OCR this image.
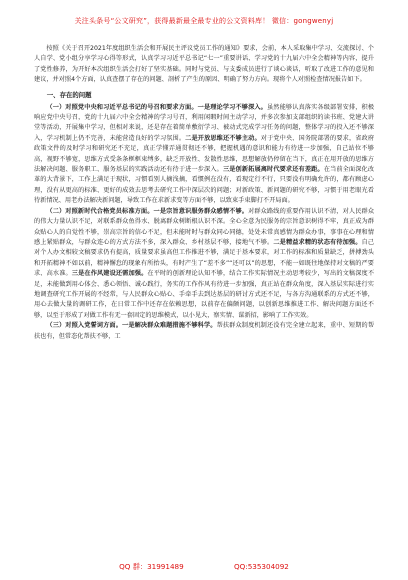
关注头条号“公文研究”，获得最新最全最专业的公文资料库！ 微信：gongwenyj

按照《关于召开2021年度组织生活会和开展民主评议党员工作的通知》要求，会前，本人采取集中学习、交流探讨、个人自学、党小组分享学习心得等形式，认真学习习近平总书记“七一”重要讲话、学习党的十九届六中全会精神等内容，提升了党性修养，为开好本次组织生活会打好了坚实基础。同时与党员、与支委成员进行了谈心谈话，听取了改进工作的意见和建议，并对照4个方面，认真查摆了存在的问题、剖析了产生的原因、明确了努力方向。现将个人对照检查情况报告如下。

一、存在的问题

（一）对照党中央和习近平总书记的号召和要求方面。一是理论学习不够深入。虽然能够认真落实各级部署安排，积极响应党中央号召，党的十九届六中全会精神的学习号召，利用闲暇时间主动学习，并多次参加支部组织的读书班、党建大讲堂等活动，开展集中学习，但相对来说，还是存在着简单敷衍学习、被动式完成学习任务的问题，整体学习的投入还不够深入，学习机制上仍不完善，未能营造良好的学习氛围。二是开放思维还不够主动。对于党中央、国务院部署的要求，省政府政策文件的及时学习和研究还不充足，真正学懂弄通贯彻还不够，把握机遇的意识和能力有待进一步加强，自己站位不够高，视野不够宽，思维方式受条条框框束缚多，缺乏开放性、发散性思维，思想解放仍停留在当下，真正在用开放的思维方法解决问题、服务职工、服务基层的实践活动还有待于进一步深入。三是创新拓展离时代要求还有差距。在当前全面深化改革的大背景下，工作上满足于现状，习惯看别人摘浅摘，看惯例在没有，看现定行不行，只要没有明确允许的，都有顾虑心理，没有从更高的标准、更好的成效去思考去研究工作中深层次的问题；对新政策、新问题的研究不够，习惯于用老眼光看待新情况、用老办法解决新问题，导致工作在求新求变等方面不够，以致束手束脚打不开局面。

（二）对照新时代合格党员标准方面。一是宗旨意识服务群众感情不够。对群众路线的重要作用认识不清，对人民群众的伟大力量认识不足，对联系群众鱼得水、脱离群众树断根认识不深。全心全意为民服务的宗旨意识树得不牢，真正成为群众贴心人的自觉性不够，崇高宗旨的信心不足，但未能时时与群众同心同德，处处未常真感情为群众办事，事事在心理和情感上紧贴群众，与群众连心的方式方法不多，深入群众、乡村基层不够，接地气不够。二是精益求精的状态有待加强。自己对个人办文相较文稿要求仍有提高，质量要求虽高但工作推进不够，满足于基本要求，对工作的标准和质量缺乏，拼搏劲头和开拓精神不如以前，精神懈怠的现象有所抬头，有时产生了“差不多”“还可以”的思想，不能一如既往地保持对文稿的严要求、高水准。三是在作风建设还需加强。在平时的创新理论认知不够，结合工作实际情况主动思考较少，写出的文稿深度不足，未能做到用心体会、悉心领悟、诚心践行，务实的工作作风有待进一步加强，真正站在群众角度，深入基层实际进行实地调查研究工作开展的不经常，与人民群众心贴心、手牵手去到达基层的研讨方式还不足，与各方沟通联系的方式还不够，用心去做大量的调研工作，在日常工作中还存在依赖思想，以前存在偏颇问题，以创新思维推进工作、解决问题方面还不够，以至于形成了对做工作有无一套固定的思维模式，以小见大，察实情、谋新招，影响了工作实效。

（三）对照入党誓词方面。一是解决群众难题措施不够科学。帮扶群众制度机制还没有完全建立起来，重中、短期的帮扶也有，但常态化帮扶不够，工

QQ 群：31991489	QQ:535304092
